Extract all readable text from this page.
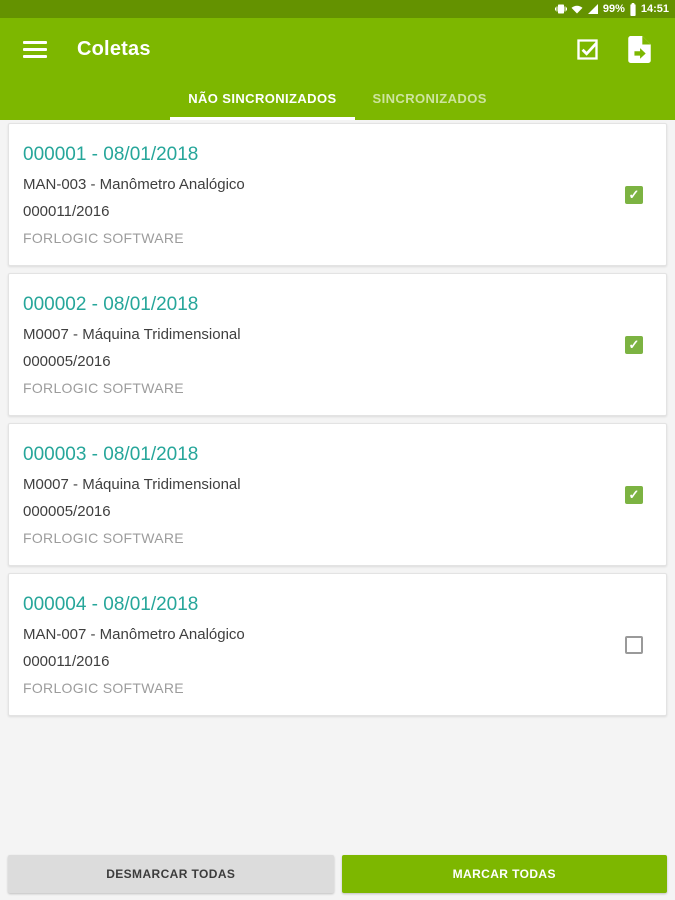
99% 14:51
Coletas
NÃO SINCRONIZADOS	SINCRONIZADOS
000001 - 08/01/2018
MAN-003 - Manômetro Analógico
000011/2016
FORLOGIC SOFTWARE
✓
000002 - 08/01/2018
M0007 - Máquina Tridimensional
000005/2016
FORLOGIC SOFTWARE
✓
000003 - 08/01/2018
M0007 - Máquina Tridimensional
000005/2016
FORLOGIC SOFTWARE
✓
000004 - 08/01/2018
MAN-007 - Manômetro Analógico
000011/2016
FORLOGIC SOFTWARE
DESMARCAR TODAS	MARCAR TODAS
